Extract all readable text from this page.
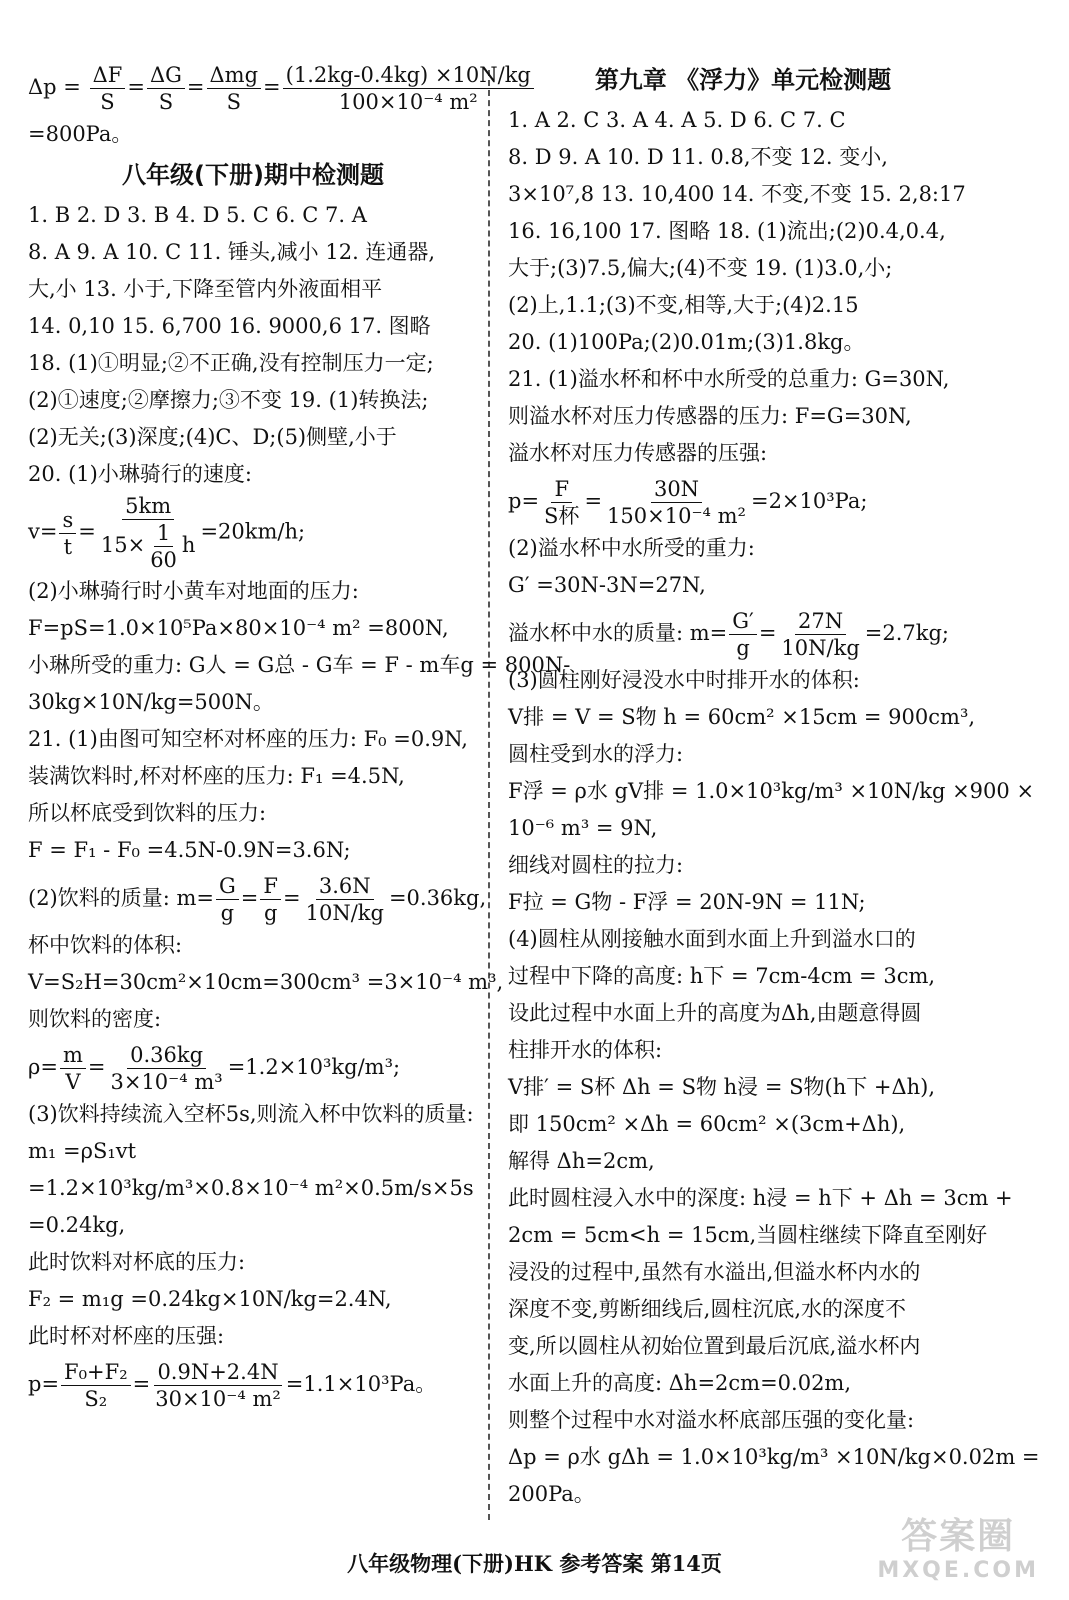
$\Delta p = \frac{\Delta F}{S} = \frac{\Delta G}{S} = \frac{\text{Δmg}}{S} = \frac{(1.2kg-0.4kg) \times 10N/kg}{\text{100×10⁻⁴ m²}}$
=800Pa。
八年级(下册)期中检测题
1. B 2. D 3. B 4. D 5. C 6. C 7. A
8. A 9. A 10. C 11. 锤头,减小 12. 连通器,
大,小 13. 小于,下降至管内外液面相平
14. 0,10 15. 6,700 16. 9000,6 17. 图略
18. (1)①明显;②不正确,没有控制压力一定;
(2)①速度;②摩擦力;③不变 19. (1)转换法;
(2)无关;(3)深度;(4)C、D;(5)侧壁,小于
20. (1)小琳骑行的速度:
$v= \frac{s}{t} = \frac{5km}{15\times \frac{1}{60} h} =20km/h$;
(2)小琳骑行时小黄车对地面的压力:
F=pS=1.0×10⁵Pa×80×10⁻⁴ m² =800N,
小琳所受的重力: G人 = G总 - G车 = F - m车g = 800N-
30kg×10N/kg=500N。
21. (1)由图可知空杯对杯座的压力: F₀ =0.9N,
装满饮料时,杯对杯座的压力: F₁ =4.5N,
所以杯底受到饮料的压力:
F = F₁ - F₀ =4.5N-0.9N=3.6N;
(2)饮料的质量: $m= \frac{G}{g} = \frac{F}{g} = \frac{3.6N}{10N/kg} =0.36kg$,
杯中饮料的体积:
V=S₂H=30cm²×10cm=300cm³ =3×10⁻⁴ m³,
则饮料的密度:
$\rho= \frac{m}{V} = \frac{0.36kg}{\text{3×10⁻⁴ m³}} =1.2\times 10^3kg/m^3$;
(3)饮料持续流入空杯5s,则流入杯中饮料的质量:
m₁ =ρS₁vt
=1.2×10³kg/m³×0.8×10⁻⁴ m²×0.5m/s×5s
=0.24kg,
此时饮料对杯底的压力:
F₂ = m₁g =0.24kg×10N/kg=2.4N,
此时杯对杯座的压强:
$p= \frac{\text{F₀+F₂}}{\text{S₂}} = \frac{0.9N+2.4N}{\text{30×10⁻⁴ m²}} =1.1\times 10^3Pa$。
第九章 《浮力》单元检测题
1. A 2. C 3. A 4. A 5. D 6. C 7. C
8. D 9. A 10. D 11. 0.8,不变 12. 变小,
3×10⁷,8 13. 10,400 14. 不变,不变 15. 2,8:17
16. 16,100 17. 图略 18. (1)流出;(2)0.4,0.4,
大于;(3)7.5,偏大;(4)不变 19. (1)3.0,小;
(2)上,1.1;(3)不变,相等,大于;(4)2.15
20. (1)100Pa;(2)0.01m;(3)1.8kg。
21. (1)溢水杯和杯中水所受的总重力: G=30N,
则溢水杯对压力传感器的压力: F=G=30N,
溢水杯对压力传感器的压强:
$p= \frac{F}{\text{S杯}} = \frac{30N}{\text{150×10⁻⁴ m²}} =2\times 10^3Pa$;
(2)溢水杯中水所受的重力:
G′ =30N-3N=27N,
溢水杯中水的质量: $m= \frac{G'}{g} = \frac{27N}{10N/kg} =2.7kg$;
(3)圆柱刚好浸没水中时排开水的体积:
V排 = V = S物 h = 60cm² ×15cm = 900cm³,
圆柱受到水的浮力:
F浮 = ρ水 gV排 = 1.0×10³kg/m³ ×10N/kg ×900 ×
10⁻⁶ m³ = 9N,
细线对圆柱的拉力:
F拉 = G物 - F浮 = 20N-9N = 11N;
(4)圆柱从刚接触水面到水面上升到溢水口的
过程中下降的高度: h下 = 7cm-4cm = 3cm,
设此过程中水面上升的高度为Δh,由题意得圆
柱排开水的体积:
V排′ = S杯 Δh = S物 h浸 = S物(h下 +Δh),
即 150cm² ×Δh = 60cm² ×(3cm+Δh),
解得 Δh=2cm,
此时圆柱浸入水中的深度: h浸 = h下 + Δh = 3cm +
2cm = 5cm<h = 15cm,当圆柱继续下降直至刚好
浸没的过程中,虽然有水溢出,但溢水杯内水的
深度不变,剪断细线后,圆柱沉底,水的深度不
变,所以圆柱从初始位置到最后沉底,溢水杯内
水面上升的高度: Δh=2cm=0.02m,
则整个过程中水对溢水杯底部压强的变化量:
Δp = ρ水 gΔh = 1.0×10³kg/m³ ×10N/kg×0.02m =
200Pa。
八年级物理(下册)HK 参考答案 第14页
答案圈
MXQE.COM
